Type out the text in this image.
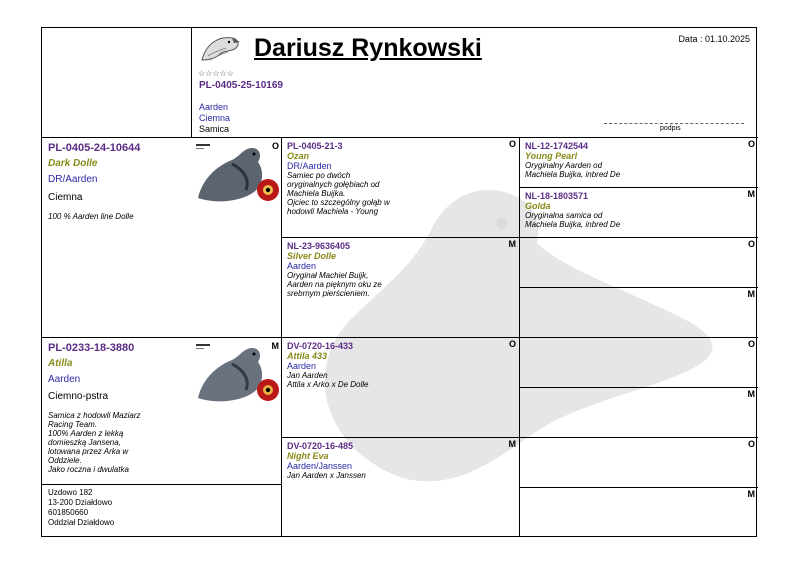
☆☆☆☆☆
Dariusz Rynkowski	Data : 01.10.2025
PL-0405-25-10169
Aarden
Ciemna
Samica	podpis
PL-0405-24-10644
Dark Dolle
DR/Aarden
Ciemna
100 % Aarden line Dolle
O
PL-0233-18-3880
Atilla
Aarden
Ciemno-pstra
Samica z hodowli Maziarz
Racing Team.
100% Aarden z lekką
domieszką Jansena,
lotowana przez Arka w
Oddziele.
Jako roczna i dwulatka
M
Uzdowo 182
13-200 Działdowo
601850660
Oddział Działdowo
PL-0405-21-3
Ozan
DR/Aarden
Samiec po dwóch
oryginalnych gołębiach od
Machiela Buijka.
Ojciec to szczególny gołąb w
hodowli Machiela - Young
O
NL-23-9636405
Silver Dolle
Aarden
Oryginał Machiel Buijk,
Aarden na pięknym oku ze
srebrnym pierścieniem.
M
DV-0720-16-433
Attila 433
Aarden
Jan Aarden
Attila x Arko x De Dolle
O
DV-0720-16-485
Night Eva
Aarden/Janssen
Jan Aarden x Janssen
M
NL-12-1742544
Young Pearl
Oryginalny Aarden od
Machiela Buijka, inbred De
O
NL-18-1803571
Golda
Oryginalna samica od
Machiela Buijka, inbred De
M
O
M
O
M
O
M
